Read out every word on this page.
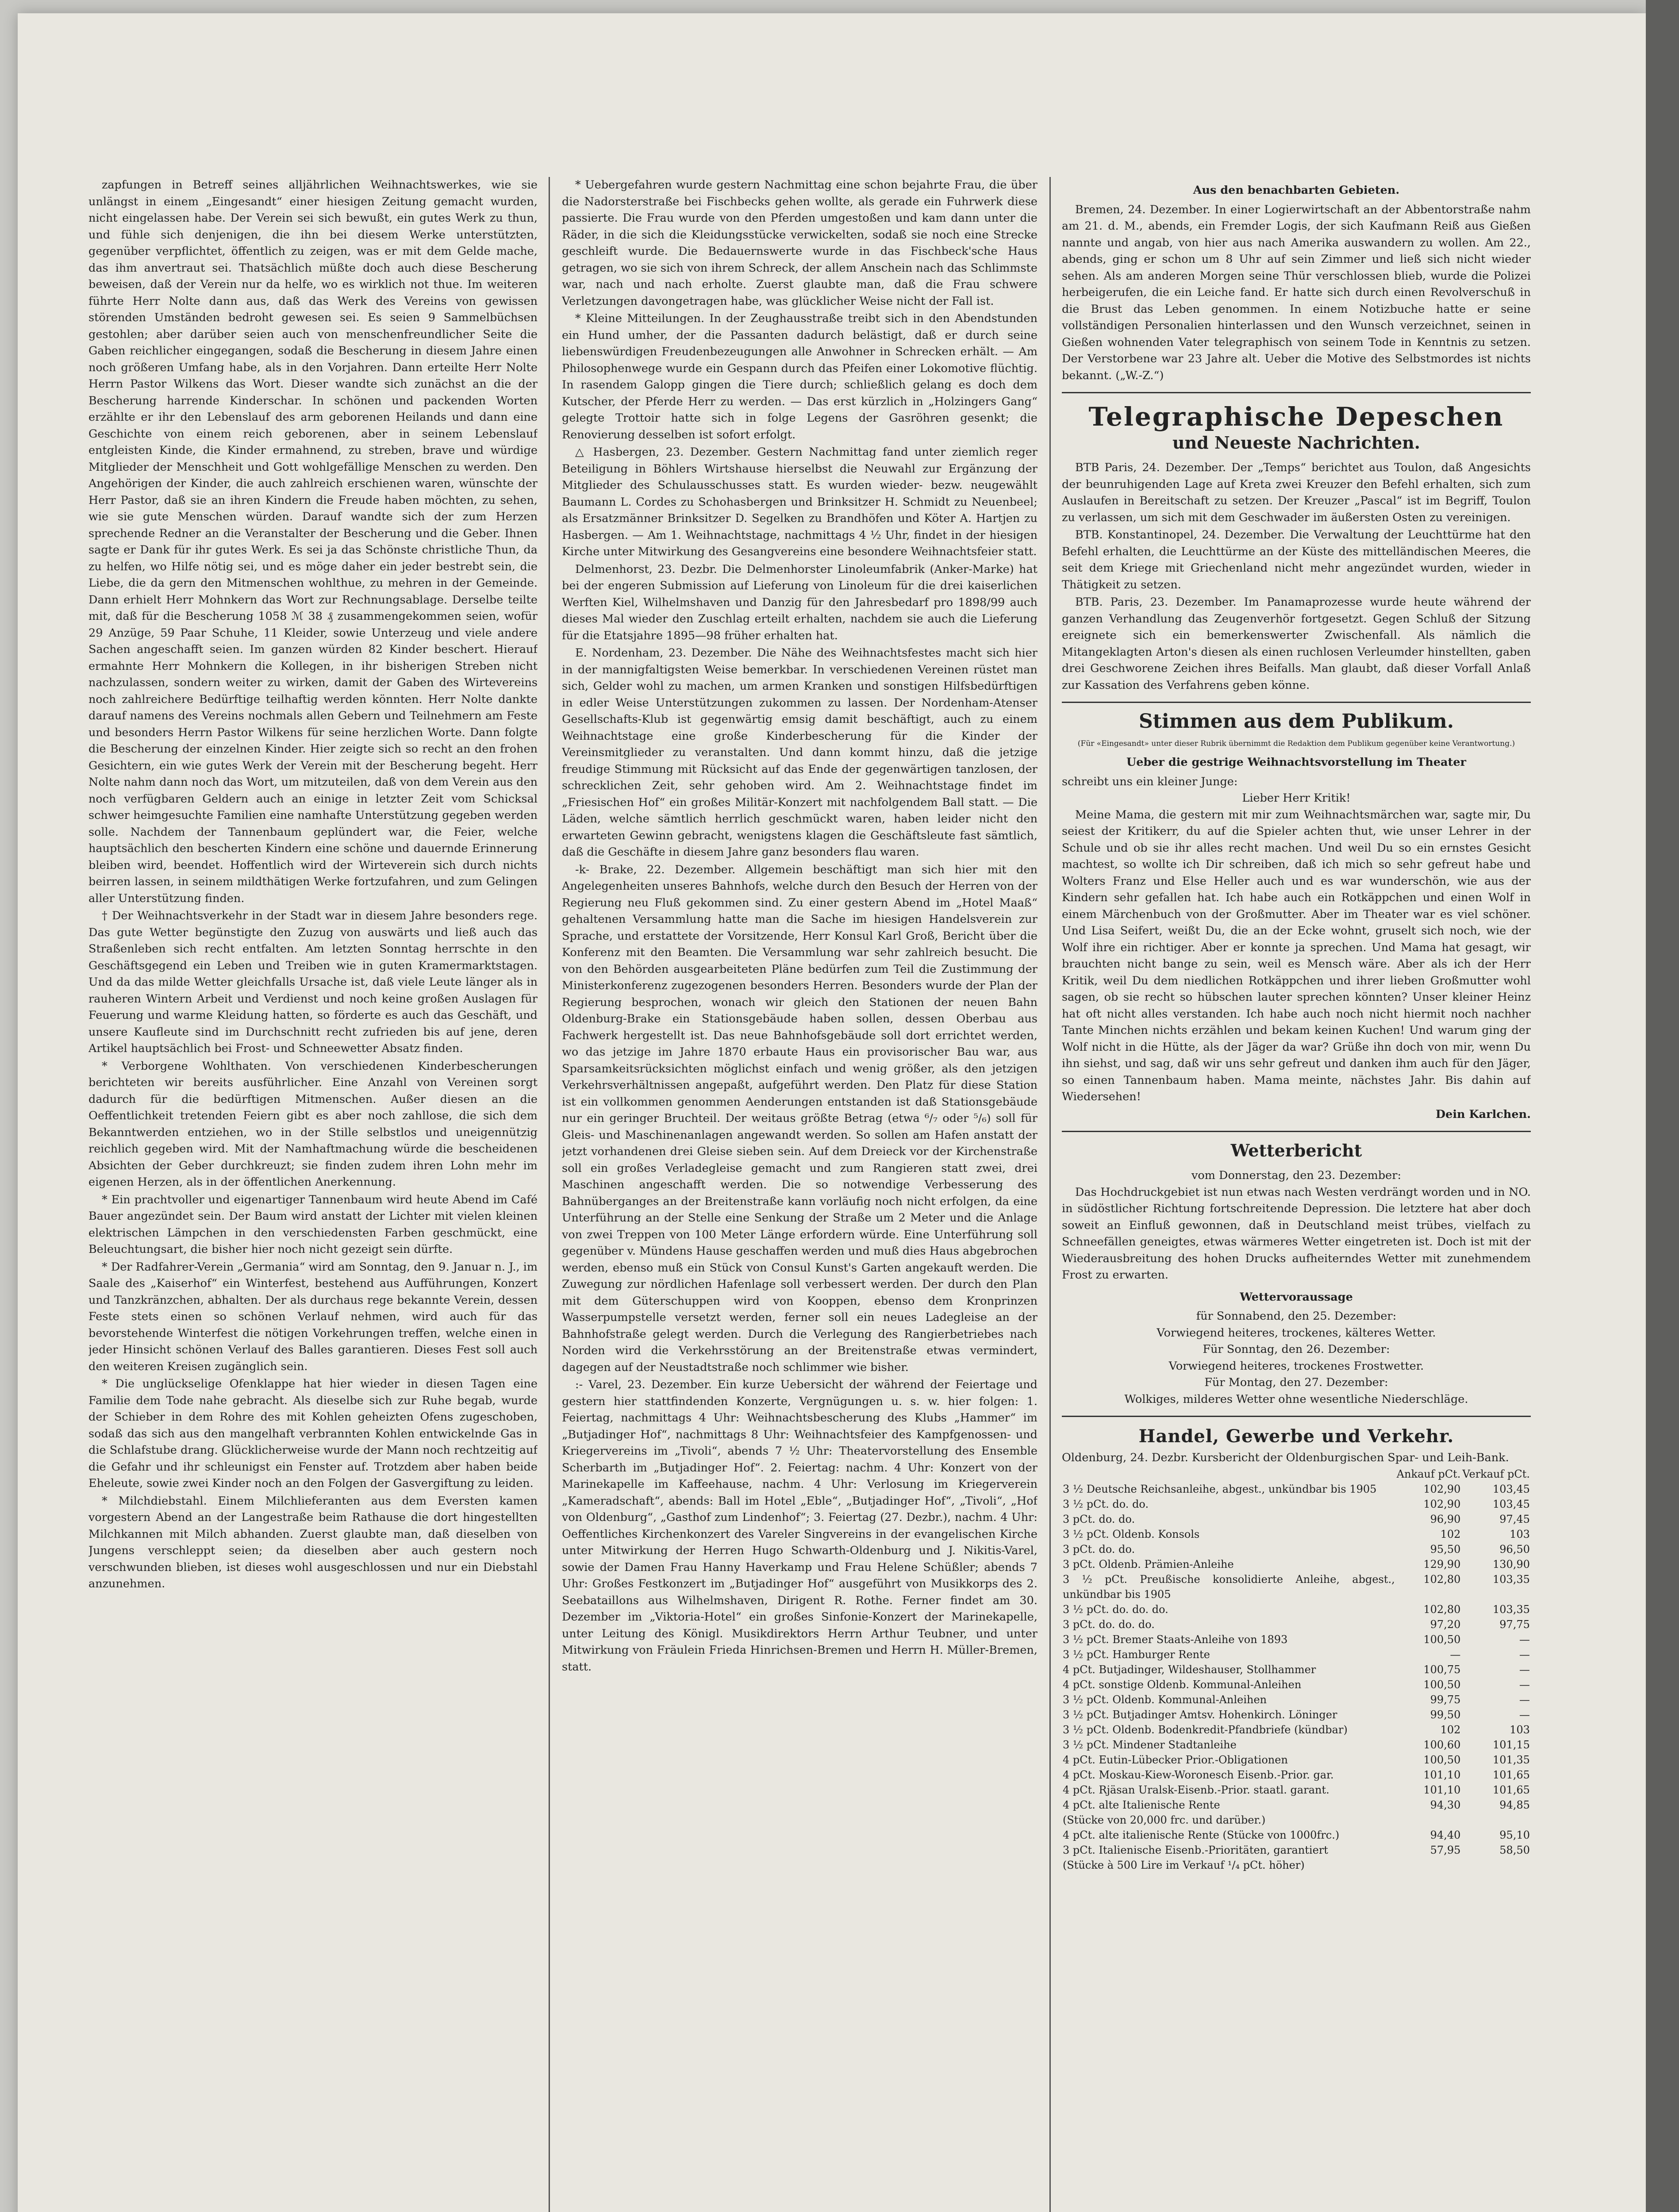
zapfungen in Betreff seines alljährlichen Weihnachtswerkes, wie sie unlängst in einem „Eingesandt“ einer hiesigen Zeitung gemacht wurden, nicht eingelassen habe. Der Verein sei sich bewußt, ein gutes Werk zu thun, und fühle sich denjenigen, die ihn bei diesem Werke unterstützten, gegenüber verpflichtet, öffentlich zu zeigen, was er mit dem Gelde mache, das ihm anvertraut sei. Thatsächlich müßte doch auch diese Bescherung beweisen, daß der Verein nur da helfe, wo es wirklich not thue. Im weiteren führte Herr Nolte dann aus, daß das Werk des Vereins von gewissen störenden Umständen bedroht gewesen sei. Es seien 9 Sammelbüchsen gestohlen; aber darüber seien auch von menschenfreundlicher Seite die Gaben reichlicher eingegangen, sodaß die Bescherung in diesem Jahre einen noch größeren Umfang habe, als in den Vorjahren. Dann erteilte Herr Nolte Herrn Pastor Wilkens das Wort. Dieser wandte sich zunächst an die der Bescherung harrende Kinderschar. In schönen und packenden Worten erzählte er ihr den Lebenslauf des arm geborenen Heilands und dann eine Geschichte von einem reich geborenen, aber in seinem Lebenslauf entgleisten Kinde, die Kinder ermahnend, zu streben, brave und würdige Mitglieder der Menschheit und Gott wohlgefällige Menschen zu werden. Den Angehörigen der Kinder, die auch zahlreich erschienen waren, wünschte der Herr Pastor, daß sie an ihren Kindern die Freude haben möchten, zu sehen, wie sie gute Menschen würden. Darauf wandte sich der zum Herzen sprechende Redner an die Veranstalter der Bescherung und die Geber. Ihnen sagte er Dank für ihr gutes Werk. Es sei ja das Schönste christliche Thun, da zu helfen, wo Hilfe nötig sei, und es möge daher ein jeder bestrebt sein, die Liebe, die da gern den Mitmenschen wohlthue, zu mehren in der Gemeinde. Dann erhielt Herr Mohnkern das Wort zur Rechnungsablage. Derselbe teilte mit, daß für die Bescherung 1058 ℳ 38 ₰ zusammengekommen seien, wofür 29 Anzüge, 59 Paar Schuhe, 11 Kleider, sowie Unterzeug und viele andere Sachen angeschafft seien. Im ganzen würden 82 Kinder beschert. Hierauf ermahnte Herr Mohnkern die Kollegen, in ihr bisherigen Streben nicht nachzulassen, sondern weiter zu wirken, damit der Gaben des Wirtevereins noch zahlreichere Bedürftige teilhaftig werden könnten. Herr Nolte dankte darauf namens des Vereins nochmals allen Gebern und Teilnehmern am Feste und besonders Herrn Pastor Wilkens für seine herzlichen Worte. Dann folgte die Bescherung der einzelnen Kinder. Hier zeigte sich so recht an den frohen Gesichtern, ein wie gutes Werk der Verein mit der Bescherung begeht. Herr Nolte nahm dann noch das Wort, um mitzuteilen, daß von dem Verein aus den noch verfügbaren Geldern auch an einige in letzter Zeit vom Schicksal schwer heimgesuchte Familien eine namhafte Unterstützung gegeben werden solle. Nachdem der Tannenbaum geplündert war, die Feier, welche hauptsächlich den bescherten Kindern eine schöne und dauernde Erinnerung bleiben wird, beendet. Hoffentlich wird der Wirteverein sich durch nichts beirren lassen, in seinem mildthätigen Werke fortzufahren, und zum Gelingen aller Unterstützung finden.

† Der Weihnachtsverkehr in der Stadt war in diesem Jahre besonders rege. Das gute Wetter begünstigte den Zuzug von auswärts und ließ auch das Straßenleben sich recht entfalten. Am letzten Sonntag herrschte in den Geschäftsgegend ein Leben und Treiben wie in guten Kramermarktstagen. Und da das milde Wetter gleichfalls Ursache ist, daß viele Leute länger als in rauheren Wintern Arbeit und Verdienst und noch keine großen Auslagen für Feuerung und warme Kleidung hatten, so förderte es auch das Geschäft, und unsere Kaufleute sind im Durchschnitt recht zufrieden bis auf jene, deren Artikel hauptsächlich bei Frost- und Schneewetter Absatz finden.

* Verborgene Wohlthaten. Von verschiedenen Kinderbescherungen berichteten wir bereits ausführlicher. Eine Anzahl von Vereinen sorgt dadurch für die bedürftigen Mitmenschen. Außer diesen an die Oeffentlichkeit tretenden Feiern gibt es aber noch zahllose, die sich dem Bekanntwerden entziehen, wo in der Stille selbstlos und uneigennützig reichlich gegeben wird. Mit der Namhaftmachung würde die bescheidenen Absichten der Geber durchkreuzt; sie finden zudem ihren Lohn mehr im eigenen Herzen, als in der öffentlichen Anerkennung.

* Ein prachtvoller und eigenartiger Tannenbaum wird heute Abend im Café Bauer angezündet sein. Der Baum wird anstatt der Lichter mit vielen kleinen elektrischen Lämpchen in den verschiedensten Farben geschmückt, eine Beleuchtungsart, die bisher hier noch nicht gezeigt sein dürfte.

* Der Radfahrer-Verein „Germania“ wird am Sonntag, den 9. Januar n. J., im Saale des „Kaiserhof“ ein Winterfest, bestehend aus Aufführungen, Konzert und Tanzkränzchen, abhalten. Der als durchaus rege bekannte Verein, dessen Feste stets einen so schönen Verlauf nehmen, wird auch für das bevorstehende Winterfest die nötigen Vorkehrungen treffen, welche einen in jeder Hinsicht schönen Verlauf des Balles garantieren. Dieses Fest soll auch den weiteren Kreisen zugänglich sein.

* Die unglückselige Ofenklappe hat hier wieder in diesen Tagen eine Familie dem Tode nahe gebracht. Als dieselbe sich zur Ruhe begab, wurde der Schieber in dem Rohre des mit Kohlen geheizten Ofens zugeschoben, sodaß das sich aus den mangelhaft verbrannten Kohlen entwickelnde Gas in die Schlafstube drang. Glücklicherweise wurde der Mann noch rechtzeitig auf die Gefahr und ihr schleunigst ein Fenster auf. Trotzdem aber haben beide Eheleute, sowie zwei Kinder noch an den Folgen der Gasvergiftung zu leiden.

* Milchdiebstahl. Einem Milchlieferanten aus dem Eversten kamen vorgestern Abend an der Langestraße beim Rathause die dort hingestellten Milchkannen mit Milch abhanden. Zuerst glaubte man, daß dieselben von Jungens verschleppt seien; da dieselben aber auch gestern noch verschwunden blieben, ist dieses wohl ausgeschlossen und nur ein Diebstahl anzunehmen.

* Uebergefahren wurde gestern Nachmittag eine schon bejahrte Frau, die über die Nadorsterstraße bei Fischbecks gehen wollte, als gerade ein Fuhrwerk diese passierte. Die Frau wurde von den Pferden umgestoßen und kam dann unter die Räder, in die sich die Kleidungsstücke verwickelten, sodaß sie noch eine Strecke geschleift wurde. Die Bedauernswerte wurde in das Fischbeck'sche Haus getragen, wo sie sich von ihrem Schreck, der allem Anschein nach das Schlimmste war, nach und nach erholte. Zuerst glaubte man, daß die Frau schwere Verletzungen davongetragen habe, was glücklicher Weise nicht der Fall ist.

* Kleine Mitteilungen. In der Zeughausstraße treibt sich in den Abendstunden ein Hund umher, der die Passanten dadurch belästigt, daß er durch seine liebenswürdigen Freudenbezeugungen alle Anwohner in Schrecken erhält. — Am Philosophenwege wurde ein Gespann durch das Pfeifen einer Lokomotive flüchtig. In rasendem Galopp gingen die Tiere durch; schließlich gelang es doch dem Kutscher, der Pferde Herr zu werden. — Das erst kürzlich in „Holzingers Gang“ gelegte Trottoir hatte sich in folge Legens der Gasröhren gesenkt; die Renovierung desselben ist sofort erfolgt.

△ Hasbergen, 23. Dezember. Gestern Nachmittag fand unter ziemlich reger Beteiligung in Böhlers Wirtshause hierselbst die Neuwahl zur Ergänzung der Mitglieder des Schulausschusses statt. Es wurden wieder- bezw. neugewählt Baumann L. Cordes zu Schohasbergen und Brinksitzer H. Schmidt zu Neuenbeel; als Ersatzmänner Brinksitzer D. Segelken zu Brandhöfen und Köter A. Hartjen zu Hasbergen. — Am 1. Weihnachtstage, nachmittags 4 ½ Uhr, findet in der hiesigen Kirche unter Mitwirkung des Gesangvereins eine besondere Weihnachtsfeier statt.

Delmenhorst, 23. Dezbr. Die Delmenhorster Linoleumfabrik (Anker-Marke) hat bei der engeren Submission auf Lieferung von Linoleum für die drei kaiserlichen Werften Kiel, Wilhelmshaven und Danzig für den Jahresbedarf pro 1898/99 auch dieses Mal wieder den Zuschlag erteilt erhalten, nachdem sie auch die Lieferung für die Etatsjahre 1895—98 früher erhalten hat.

E. Nordenham, 23. Dezember. Die Nähe des Weihnachtsfestes macht sich hier in der mannigfaltigsten Weise bemerkbar. In verschiedenen Vereinen rüstet man sich, Gelder wohl zu machen, um armen Kranken und sonstigen Hilfsbedürftigen in edler Weise Unterstützungen zukommen zu lassen. Der Nordenham-Atenser Gesellschafts-Klub ist gegenwärtig emsig damit beschäftigt, auch zu einem Weihnachtstage eine große Kinderbescherung für die Kinder der Vereinsmitglieder zu veranstalten. Und dann kommt hinzu, daß die jetzige freudige Stimmung mit Rücksicht auf das Ende der gegenwärtigen tanzlosen, der schrecklichen Zeit, sehr gehoben wird. Am 2. Weihnachtstage findet im „Friesischen Hof“ ein großes Militär-Konzert mit nachfolgendem Ball statt. — Die Läden, welche sämtlich herrlich geschmückt waren, haben leider nicht den erwarteten Gewinn gebracht, wenigstens klagen die Geschäftsleute fast sämtlich, daß die Geschäfte in diesem Jahre ganz besonders flau waren.

-k- Brake, 22. Dezember. Allgemein beschäftigt man sich hier mit den Angelegenheiten unseres Bahnhofs, welche durch den Besuch der Herren von der Regierung neu Fluß gekommen sind. Zu einer gestern Abend im „Hotel Maaß“ gehaltenen Versammlung hatte man die Sache im hiesigen Handelsverein zur Sprache, und erstattete der Vorsitzende, Herr Konsul Karl Groß, Bericht über die Konferenz mit den Beamten. Die Versammlung war sehr zahlreich besucht. Die von den Behörden ausgearbeiteten Pläne bedürfen zum Teil die Zustimmung der Ministerkonferenz zugezogenen besonders Herren. Besonders wurde der Plan der Regierung besprochen, wonach wir gleich den Stationen der neuen Bahn Oldenburg-Brake ein Stationsgebäude haben sollen, dessen Oberbau aus Fachwerk hergestellt ist. Das neue Bahnhofsgebäude soll dort errichtet werden, wo das jetzige im Jahre 1870 erbaute Haus ein provisorischer Bau war, aus Sparsamkeitsrücksichten möglichst einfach und wenig größer, als den jetzigen Verkehrsverhältnissen angepaßt, aufgeführt werden. Den Platz für diese Station ist ein vollkommen genommen Aenderungen entstanden ist daß Stationsgebäude nur ein geringer Bruchteil. Der weitaus größte Betrag (etwa ⁶/₇ oder ⁵/₆) soll für Gleis- und Maschinenanlagen angewandt werden. So sollen am Hafen anstatt der jetzt vorhandenen drei Gleise sieben sein. Auf dem Dreieck vor der Kirchenstraße soll ein großes Verladegleise gemacht und zum Rangieren statt zwei, drei Maschinen angeschafft werden. Die so notwendige Verbesserung des Bahnüberganges an der Breitenstraße kann vorläufig noch nicht erfolgen, da eine Unterführung an der Stelle eine Senkung der Straße um 2 Meter und die Anlage von zwei Treppen von 100 Meter Länge erfordern würde. Eine Unterführung soll gegenüber v. Mündens Hause geschaffen werden und muß dies Haus abgebrochen werden, ebenso muß ein Stück von Consul Kunst's Garten angekauft werden. Die Zuwegung zur nördlichen Hafenlage soll verbessert werden. Der durch den Plan mit dem Güterschuppen wird von Kooppen, ebenso dem Kronprinzen Wasserpumpstelle versetzt werden, ferner soll ein neues Ladegleise an der Bahnhofstraße gelegt werden. Durch die Verlegung des Rangierbetriebes nach Norden wird die Verkehrsstörung an der Breitenstraße etwas vermindert, dagegen auf der Neustadtstraße noch schlimmer wie bisher.

:- Varel, 23. Dezember. Ein kurze Uebersicht der während der Feiertage und gestern hier stattfindenden Konzerte, Vergnügungen u. s. w. hier folgen: 1. Feiertag, nachmittags 4 Uhr: Weihnachtsbescherung des Klubs „Hammer“ im „Butjadinger Hof“, nachmittags 8 Uhr: Weihnachtsfeier des Kampfgenossen- und Kriegervereins im „Tivoli“, abends 7 ½ Uhr: Theatervorstellung des Ensemble Scherbarth im „Butjadinger Hof“. 2. Feiertag: nachm. 4 Uhr: Konzert von der Marinekapelle im Kaffeehause, nachm. 4 Uhr: Verlosung im Kriegerverein „Kameradschaft“, abends: Ball im Hotel „Eble“, „Butjadinger Hof“, „Tivoli“, „Hof von Oldenburg“, „Gasthof zum Lindenhof“; 3. Feiertag (27. Dezbr.), nachm. 4 Uhr: Oeffentliches Kirchenkonzert des Vareler Singvereins in der evangelischen Kirche unter Mitwirkung der Herren Hugo Schwarth-Oldenburg und J. Nikitis-Varel, sowie der Damen Frau Hanny Haverkamp und Frau Helene Schüßler; abends 7 Uhr: Großes Festkonzert im „Butjadinger Hof“ ausgeführt von Musikkorps des 2. Seebataillons aus Wilhelmshaven, Dirigent R. Rothe. Ferner findet am 30. Dezember im „Viktoria-Hotel“ ein großes Sinfonie-Konzert der Marinekapelle, unter Leitung des Königl. Musikdirektors Herrn Arthur Teubner, und unter Mitwirkung von Fräulein Frieda Hinrichsen-Bremen und Herrn H. Müller-Bremen, statt.

Aus den benachbarten Gebieten.

Bremen, 24. Dezember. In einer Logierwirtschaft an der Abbentorstraße nahm am 21. d. M., abends, ein Fremder Logis, der sich Kaufmann Reiß aus Gießen nannte und angab, von hier aus nach Amerika auswandern zu wollen. Am 22., abends, ging er schon um 8 Uhr auf sein Zimmer und ließ sich nicht wieder sehen. Als am anderen Morgen seine Thür verschlossen blieb, wurde die Polizei herbeigerufen, die ein Leiche fand. Er hatte sich durch einen Revolverschuß in die Brust das Leben genommen. In einem Notizbuche hatte er seine vollständigen Personalien hinterlassen und den Wunsch verzeichnet, seinen in Gießen wohnenden Vater telegraphisch von seinem Tode in Kenntnis zu setzen. Der Verstorbene war 23 Jahre alt. Ueber die Motive des Selbstmordes ist nichts bekannt. („W.-Z.“)

Telegraphische Depeschen
und Neueste Nachrichten.

BTB Paris, 24. Dezember. Der „Temps“ berichtet aus Toulon, daß Angesichts der beunruhigenden Lage auf Kreta zwei Kreuzer den Befehl erhalten, sich zum Auslaufen in Bereitschaft zu setzen. Der Kreuzer „Pascal“ ist im Begriff, Toulon zu verlassen, um sich mit dem Geschwader im äußersten Osten zu vereinigen.

BTB. Konstantinopel, 24. Dezember. Die Verwaltung der Leuchttürme hat den Befehl erhalten, die Leuchttürme an der Küste des mittelländischen Meeres, die seit dem Kriege mit Griechenland nicht mehr angezündet wurden, wieder in Thätigkeit zu setzen.

BTB. Paris, 23. Dezember. Im Panamaprozesse wurde heute während der ganzen Verhandlung das Zeugenverhör fortgesetzt. Gegen Schluß der Sitzung ereignete sich ein bemerkenswerter Zwischenfall. Als nämlich die Mitangeklagten Arton's diesen als einen ruchlosen Verleumder hinstellten, gaben drei Geschworene Zeichen ihres Beifalls. Man glaubt, daß dieser Vorfall Anlaß zur Kassation des Verfahrens geben könne.

Stimmen aus dem Publikum.
(Für «Eingesandt» unter dieser Rubrik übernimmt die Redaktion dem Publikum gegenüber keine Verantwortung.)
Ueber die gestrige Weihnachtsvorstellung im Theater
schreibt uns ein kleiner Junge:
Lieber Herr Kritik!

Meine Mama, die gestern mit mir zum Weihnachtsmärchen war, sagte mir, Du seiest der Kritikerr, du auf die Spieler achten thut, wie unser Lehrer in der Schule und ob sie ihr alles recht machen. Und weil Du so ein ernstes Gesicht machtest, so wollte ich Dir schreiben, daß ich mich so sehr gefreut habe und Wolters Franz und Else Heller auch und es war wunderschön, wie aus der Kindern sehr gefallen hat. Ich habe auch ein Rotkäppchen und einen Wolf in einem Märchenbuch von der Großmutter. Aber im Theater war es viel schöner. Und Lisa Seifert, weißt Du, die an der Ecke wohnt, gruselt sich noch, wie der Wolf ihre ein richtiger. Aber er konnte ja sprechen. Und Mama hat gesagt, wir brauchten nicht bange zu sein, weil es Mensch wäre. Aber als ich der Herr Kritik, weil Du dem niedlichen Rotkäppchen und ihrer lieben Großmutter wohl sagen, ob sie recht so hübschen lauter sprechen könnten? Unser kleiner Heinz hat oft nicht alles verstanden. Ich habe auch noch nicht hiermit noch nachher Tante Minchen nichts erzählen und bekam keinen Kuchen! Und warum ging der Wolf nicht in die Hütte, als der Jäger da war? Grüße ihn doch von mir, wenn Du ihn siehst, und sag, daß wir uns sehr gefreut und danken ihm auch für den Jäger, so einen Tannenbaum haben. Mama meinte, nächstes Jahr. Bis dahin auf Wiedersehen!

Dein Karlchen.
Wetterbericht
vom Donnerstag, den 23. Dezember:

Das Hochdruckgebiet ist nun etwas nach Westen verdrängt worden und in NO. in südöstlicher Richtung fortschreitende Depression. Die letztere hat aber doch soweit an Einfluß gewonnen, daß in Deutschland meist trübes, vielfach zu Schneefällen geneigtes, etwas wärmeres Wetter eingetreten ist. Doch ist mit der Wiederausbreitung des hohen Drucks aufheiterndes Wetter mit zunehmendem Frost zu erwarten.

Wettervoraussage
für Sonnabend, den 25. Dezember:
Vorwiegend heiteres, trockenes, kälteres Wetter.
Für Sonntag, den 26. Dezember:
Vorwiegend heiteres, trockenes Frostwetter.
Für Montag, den 27. Dezember:
Wolkiges, milderes Wetter ohne wesentliche Niederschläge.
Handel, Gewerbe und Verkehr.
Oldenburg, 24. Dezbr. Kursbericht der Oldenburgischen Spar- und Leih-Bank.
	Ankauf pCt.	Verkauf pCt.
3 ½ Deutsche Reichsanleihe, abgest., unkündbar bis 1905	102,90	103,45
3 ½ pCt. do. do.	102,90	103,45
3 pCt. do. do.	96,90	97,45
3 ½ pCt. Oldenb. Konsols	102	103
3 pCt. do. do.	95,50	96,50
3 pCt. Oldenb. Prämien-Anleihe	129,90	130,90
3 ½ pCt. Preußische konsolidierte Anleihe, abgest., unkündbar bis 1905	102,80	103,35
3 ½ pCt. do. do. do.	102,80	103,35
3 pCt. do. do. do.	97,20	97,75
3 ½ pCt. Bremer Staats-Anleihe von 1893	100,50	—
3 ½ pCt. Hamburger Rente	—	—
4 pCt. Butjadinger, Wildeshauser, Stollhammer	100,75	—
4 pCt. sonstige Oldenb. Kommunal-Anleihen	100,50	—
3 ½ pCt. Oldenb. Kommunal-Anleihen	99,75	—
3 ½ pCt. Butjadinger Amtsv. Hohenkirch. Löninger	99,50	—
3 ½ pCt. Oldenb. Bodenkredit-Pfandbriefe (kündbar)	102	103
3 ½ pCt. Mindener Stadtanleihe	100,60	101,15
4 pCt. Eutin-Lübecker Prior.-Obligationen	100,50	101,35
4 pCt. Moskau-Kiew-Woronesch Eisenb.-Prior. gar.	101,10	101,65
4 pCt. Rjäsan Uralsk-Eisenb.-Prior. staatl. garant.	101,10	101,65
4 pCt. alte Italienische Rente	94,30	94,85
(Stücke von 20,000 frc. und darüber.)		
4 pCt. alte italienische Rente (Stücke von 1000frc.)	94,40	95,10
3 pCt. Italienische Eisenb.-Prioritäten, garantiert	57,95	58,50
(Stücke à 500 Lire im Verkauf ¹/₄ pCt. höher)		
